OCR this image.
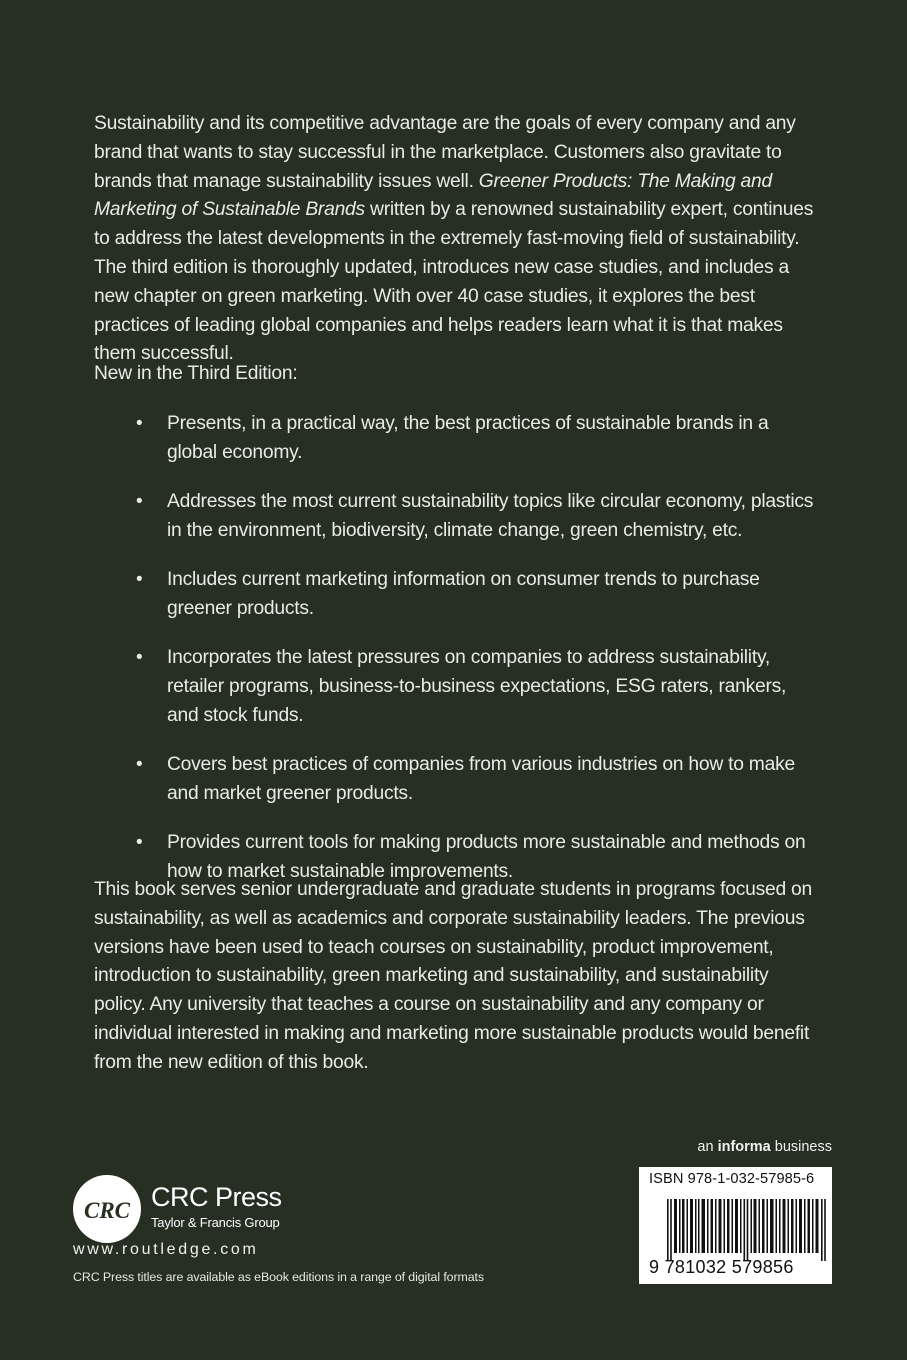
Sustainability and its competitive advantage are the goals of every company and any brand that wants to stay successful in the marketplace. Customers also gravitate to brands that manage sustainability issues well. Greener Products: The Making and Marketing of Sustainable Brands written by a renowned sustainability expert, continues to address the latest developments in the extremely fast-moving field of sustainability. The third edition is thoroughly updated, introduces new case studies, and includes a new chapter on green marketing. With over 40 case studies, it explores the best practices of leading global companies and helps readers learn what it is that makes them successful.

New in the Third Edition:

• Presents, in a practical way, the best practices of sustainable brands in a global economy.
• Addresses the most current sustainability topics like circular economy, plastics in the environment, biodiversity, climate change, green chemistry, etc.
• Includes current marketing information on consumer trends to purchase greener products.
• Incorporates the latest pressures on companies to address sustainability, retailer programs, business-to-business expectations, ESG raters, rankers, and stock funds.
• Covers best practices of companies from various industries on how to make and market greener products.
• Provides current tools for making products more sustainable and methods on how to market sustainable improvements.

This book serves senior undergraduate and graduate students in programs focused on sustainability, as well as academics and corporate sustainability leaders. The previous versions have been used to teach courses on sustainability, product improvement, introduction to sustainability, green marketing and sustainability, and sustainability policy. Any university that teaches a course on sustainability and any company or individual interested in making and marketing more sustainable products would benefit from the new edition of this book.

an informa business
ISBN 978-1-032-57985-6
9 781032 579856
CRC CRC Press
Taylor & Francis Group
www.routledge.com
CRC Press titles are available as eBook editions in a range of digital formats
